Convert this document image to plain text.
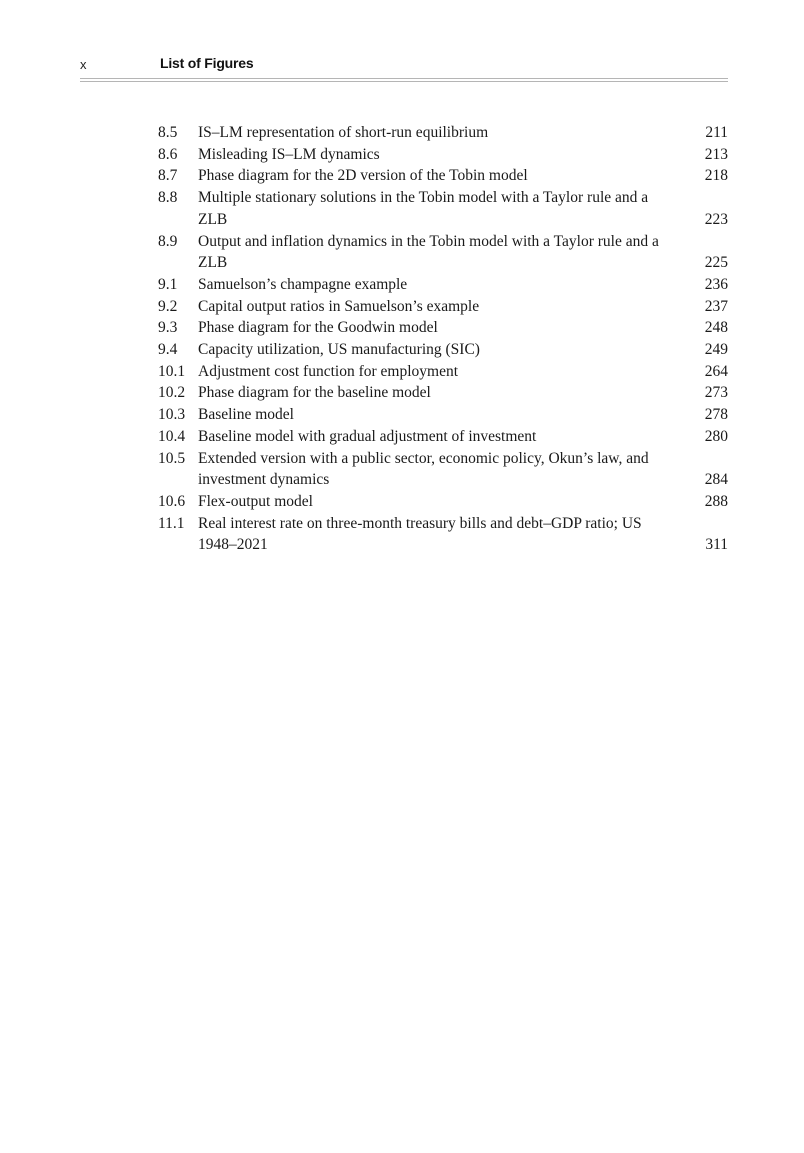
x	List of Figures
8.5	IS–LM representation of short-run equilibrium	211
8.6	Misleading IS–LM dynamics	213
8.7	Phase diagram for the 2D version of the Tobin model	218
8.8	Multiple stationary solutions in the Tobin model with a Taylor rule and a ZLB	223
8.9	Output and inflation dynamics in the Tobin model with a Taylor rule and a ZLB	225
9.1	Samuelson’s champagne example	236
9.2	Capital output ratios in Samuelson’s example	237
9.3	Phase diagram for the Goodwin model	248
9.4	Capacity utilization, US manufacturing (SIC)	249
10.1 Adjustment cost function for employment	264
10.2 Phase diagram for the baseline model	273
10.3 Baseline model	278
10.4 Baseline model with gradual adjustment of investment	280
10.5 Extended version with a public sector, economic policy, Okun’s law, and investment dynamics	284
10.6 Flex-output model	288
11.1 Real interest rate on three-month treasury bills and debt–GDP ratio; US 1948–2021	311
